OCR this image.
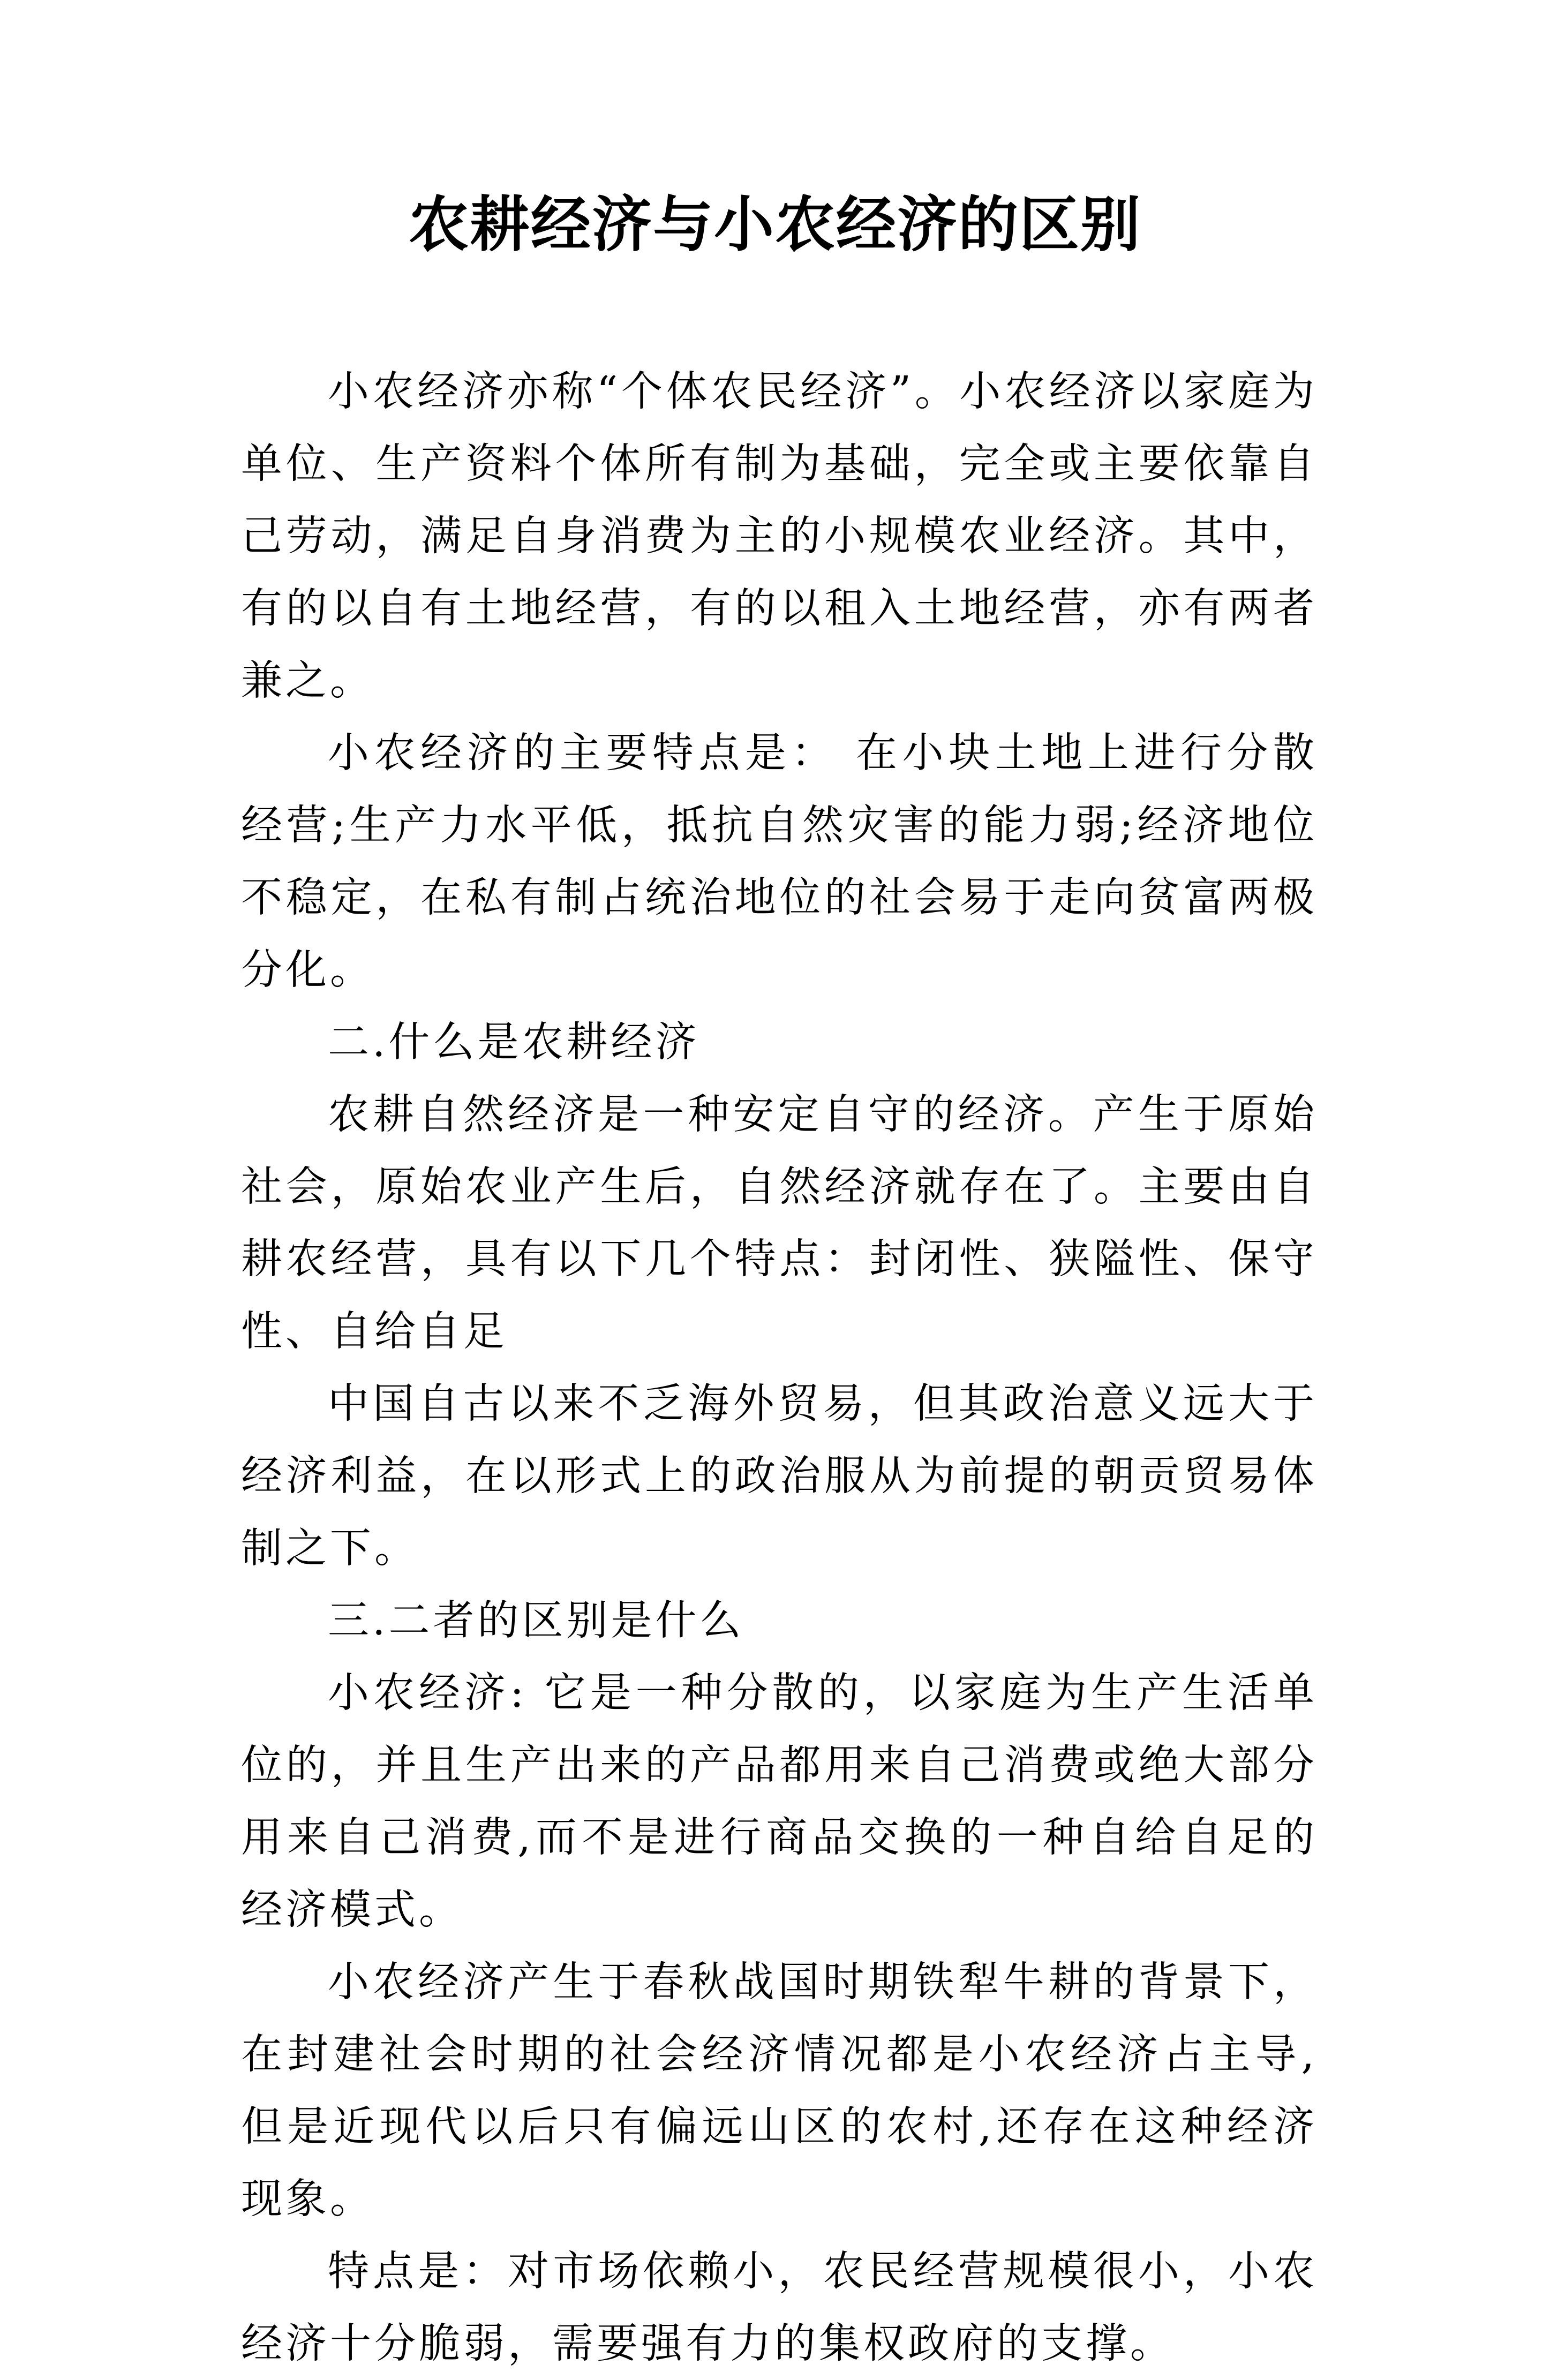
农耕经济与小农经济的区别

小农经济亦称“个体农民经济”。小农经济以家庭为单位、生产资料个体所有制为基础，完全或主要依靠自己劳动，满足自身消费为主的小规模农业经济。其中，有的以自有土地经营，有的以租入土地经营，亦有两者兼之。

小农经济的主要特点是： 在小块土地上进行分散经营;生产力水平低，抵抗自然灾害的能力弱;经济地位不稳定，在私有制占统治地位的社会易于走向贫富两极分化。

二.什么是农耕经济

农耕自然经济是一种安定自守的经济。产生于原始社会，原始农业产生后，自然经济就存在了。主要由自耕农经营，具有以下几个特点：封闭性、狭隘性、保守性、自给自足

中国自古以来不乏海外贸易，但其政治意义远大于经济利益，在以形式上的政治服从为前提的朝贡贸易体制之下。

三.二者的区别是什么

小农经济: 它是一种分散的，以家庭为生产生活单位的，并且生产出来的产品都用来自己消费或绝大部分用来自己消费,而不是进行商品交换的一种自给自足的经济模式。

小农经济产生于春秋战国时期铁犁牛耕的背景下，在封建社会时期的社会经济情况都是小农经济占主导,但是近现代以后只有偏远山区的农村,还存在这种经济现象。

特点是：对市场依赖小，农民经营规模很小，小农经济十分脆弱，需要强有力的集权政府的支撑。
